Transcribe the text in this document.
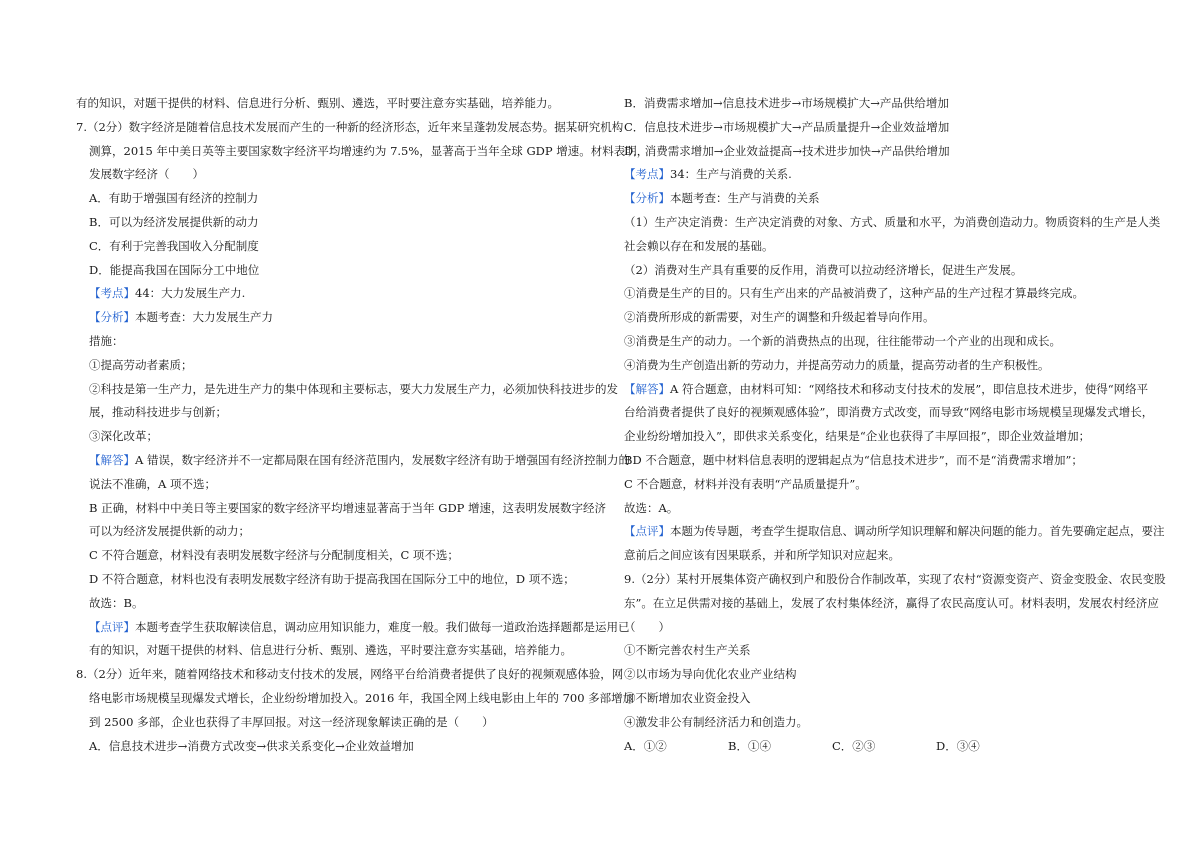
有的知识，对题干提供的材料、信息进行分析、甄别、遴选，平时要注意夯实基础，培养能力。
7.（2分）数字经济是随着信息技术发展而产生的一种新的经济形态，近年来呈蓬勃发展态势。据某研究机构
测算，2015 年中美日英等主要国家数字经济平均增速约为 7.5%，显著高于当年全球 GDP 增速。材料表明，
发展数字经济（　　）
A．有助于增强国有经济的控制力
B．可以为经济发展提供新的动力
C．有利于完善我国收入分配制度
D．能提高我国在国际分工中地位
【考点】44：大力发展生产力.
【分析】本题考查：大力发展生产力
措施：
①提高劳动者素质；
②科技是第一生产力，是先进生产力的集中体现和主要标志，要大力发展生产力，必须加快科技进步的发
展，推动科技进步与创新；
③深化改革；
【解答】A 错误，数字经济并不一定都局限在国有经济范围内，发展数字经济有助于增强国有经济控制力的
说法不准确，A 项不选；
B 正确，材料中中美日等主要国家的数字经济平均增速显著高于当年 GDP 增速，这表明发展数字经济
可以为经济发展提供新的动力；
C 不符合题意，材料没有表明发展数字经济与分配制度相关，C 项不选；
D 不符合题意，材料也没有表明发展数字经济有助于提高我国在国际分工中的地位，D 项不选；
故选：B。
【点评】本题考查学生获取解读信息，调动应用知识能力，难度一般。我们做每一道政治选择题都是运用已
有的知识，对题干提供的材料、信息进行分析、甄别、遴选，平时要注意夯实基础，培养能力。
8.（2分）近年来，随着网络技术和移动支付技术的发展，网络平台给消费者提供了良好的视频观感体验，网
络电影市场规模呈现爆发式增长，企业纷纷增加投入。2016 年，我国全网上线电影由上年的 700 多部增加
到 2500 多部，企业也获得了丰厚回报。对这一经济现象解读正确的是（　　）
A．信息技术进步→消费方式改变→供求关系变化→企业效益增加
B．消费需求增加→信息技术进步→市场规模扩大→产品供给增加
C．信息技术进步→市场规模扩大→产品质量提升→企业效益增加
D．消费需求增加→企业效益提高→技术进步加快→产品供给增加
【考点】34：生产与消费的关系.
【分析】本题考查：生产与消费的关系
（1）生产决定消费：生产决定消费的对象、方式、质量和水平，为消费创造动力。物质资料的生产是人类
社会赖以存在和发展的基础。
（2）消费对生产具有重要的反作用，消费可以拉动经济增长，促进生产发展。
①消费是生产的目的。只有生产出来的产品被消费了，这种产品的生产过程才算最终完成。
②消费所形成的新需要，对生产的调整和升级起着导向作用。
③消费是生产的动力。一个新的消费热点的出现，往往能带动一个产业的出现和成长。
④消费为生产创造出新的劳动力，并提高劳动力的质量，提高劳动者的生产积极性。
【解答】A 符合题意，由材料可知：“网络技术和移动支付技术的发展”，即信息技术进步，使得“网络平
台给消费者提供了良好的视频观感体验”，即消费方式改变，而导致“网络电影市场规模呈现爆发式增长，
企业纷纷增加投入”，即供求关系变化，结果是“企业也获得了丰厚回报”，即企业效益增加；
BD 不合题意，题中材料信息表明的逻辑起点为“信息技术进步”，而不是“消费需求增加”；
C 不合题意，材料并没有表明“产品质量提升”。
故选：A。
【点评】本题为传导题，考查学生提取信息、调动所学知识理解和解决问题的能力。首先要确定起点，要注
意前后之间应该有因果联系，并和所学知识对应起来。
9.（2分）某村开展集体资产确权到户和股份合作制改革，实现了农村“资源变资产、资金变股金、农民变股
东”。在立足供需对接的基础上，发展了农村集体经济，赢得了农民高度认可。材料表明，发展农村经济应
（　　）
①不断完善农村生产关系
②以市场为导向优化农业产业结构
③不断增加农业资金投入
④激发非公有制经济活力和创造力。
A．①②	B．①④	C．②③	D．③④
